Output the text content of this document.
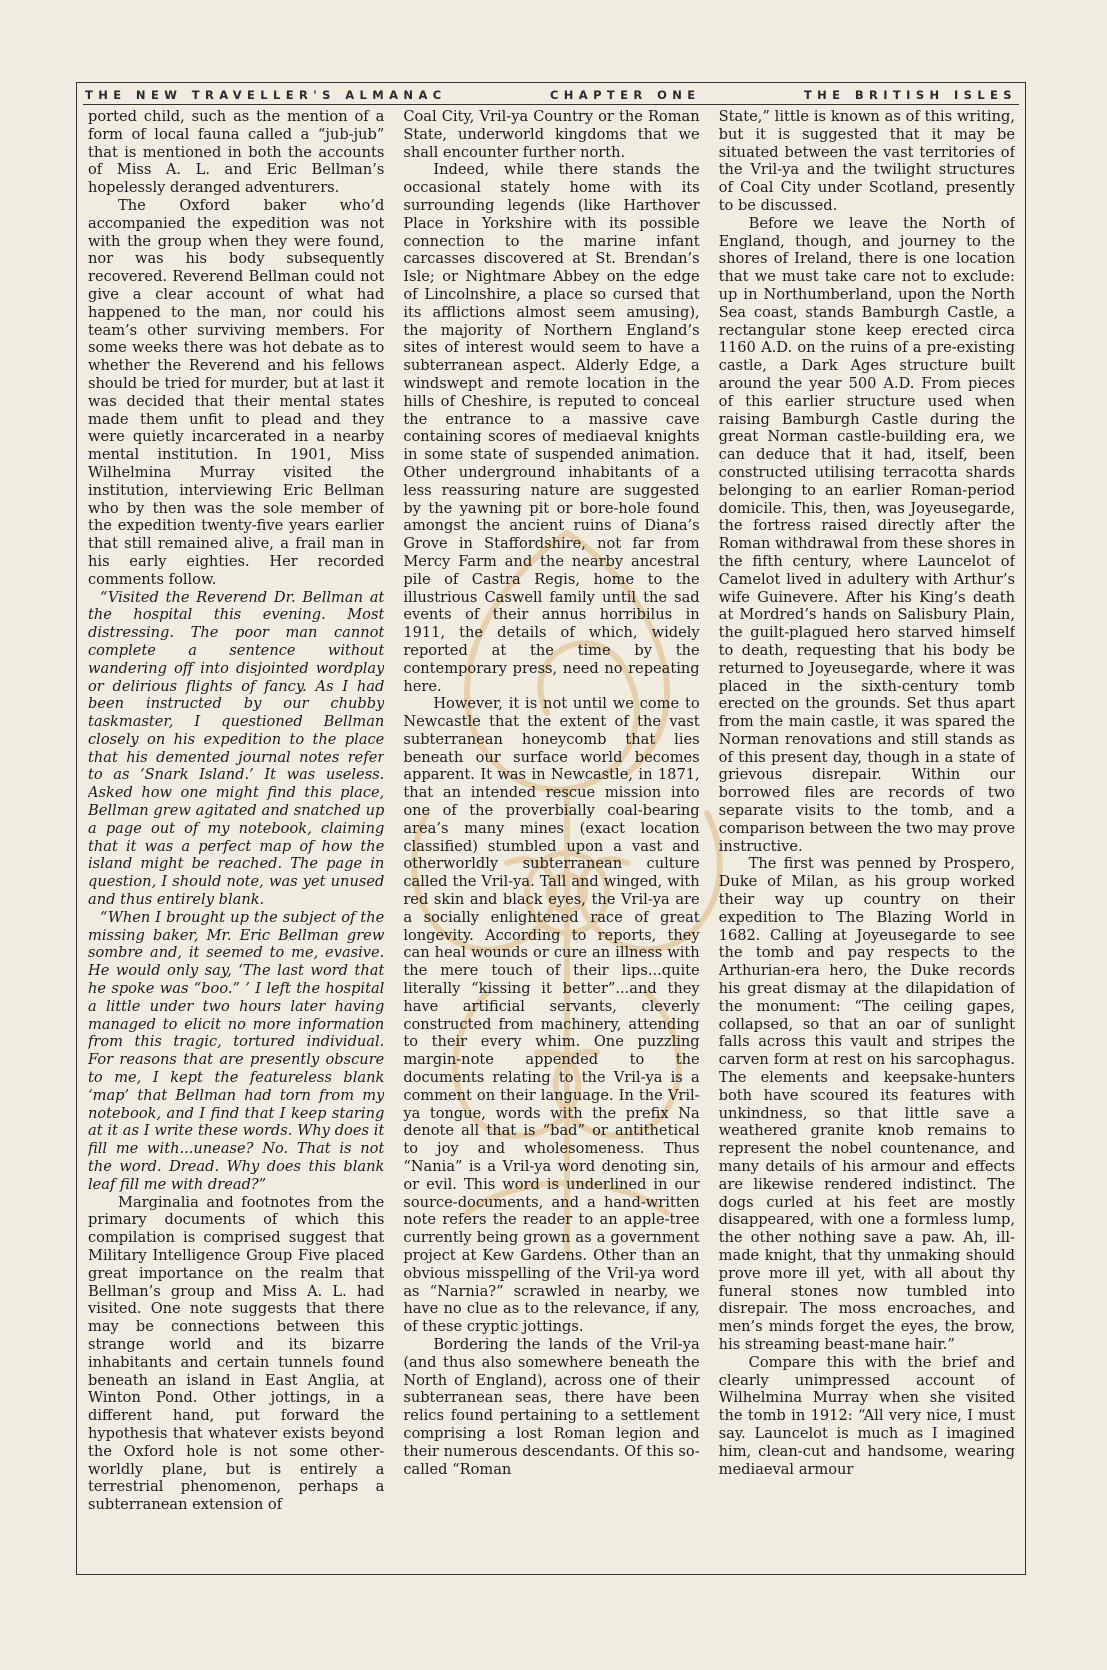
THE NEW TRAVELLER'S ALMANAC	CHAPTER ONE	THE BRITISH ISLES

ported child, such as the mention of a form of local fauna called a “jub-jub” that is mentioned in both the accounts of Miss A. L. and Eric Bellman’s hopelessly deranged adventurers.

The Oxford baker who’d accompanied the expedition was not with the group when they were found, nor was his body subsequently recovered. Reverend Bellman could not give a clear account of what had happened to the man, nor could his team’s other surviving members. For some weeks there was hot debate as to whether the Reverend and his fellows should be tried for murder, but at last it was decided that their mental states made them unfit to plead and they were quietly incarcerated in a nearby mental institution. In 1901, Miss Wilhelmina Murray visited the institution, interviewing Eric Bellman who by then was the sole member of the expedition twenty-five years earlier that still remained alive, a frail man in his early eighties. Her recorded comments follow.

“Visited the Reverend Dr. Bellman at the hospital this evening. Most distressing. The poor man cannot complete a sentence without wandering off into disjointed wordplay or delirious flights of fancy. As I had been instructed by our chubby taskmaster, I questioned Bellman closely on his expedition to the place that his demented journal notes refer to as ‘Snark Island.’ It was useless. Asked how one might find this place, Bellman grew agitated and snatched up a page out of my notebook, claiming that it was a perfect map of how the island might be reached. The page in question, I should note, was yet unused and thus entirely blank.

“When I brought up the subject of the missing baker, Mr. Eric Bellman grew sombre and, it seemed to me, evasive. He would only say, ‘The last word that he spoke was “boo.” ’ I left the hospital a little under two hours later having managed to elicit no more information from this tragic, tortured individual. For reasons that are presently obscure to me, I kept the featureless blank ‘map’ that Bellman had torn from my notebook, and I find that I keep staring at it as I write these words. Why does it fill me with...unease? No. That is not the word. Dread. Why does this blank leaf fill me with dread?”

Marginalia and footnotes from the primary documents of which this compilation is comprised suggest that Military Intelligence Group Five placed great importance on the realm that Bellman’s group and Miss A. L. had visited. One note suggests that there may be connections between this strange world and its bizarre inhabitants and certain tunnels found beneath an island in East Anglia, at Winton Pond. Other jottings, in a different hand, put forward the hypothesis that whatever exists beyond the Oxford hole is not some other-worldly plane, but is entirely a terrestrial phenomenon, perhaps a subterranean extension of

Coal City, Vril-ya Country or the Roman State, underworld kingdoms that we shall encounter further north.

Indeed, while there stands the occasional stately home with its surrounding legends (like Harthover Place in Yorkshire with its possible connection to the marine infant carcasses discovered at St. Brendan’s Isle; or Nightmare Abbey on the edge of Lincolnshire, a place so cursed that its afflictions almost seem amusing), the majority of Northern England’s sites of interest would seem to have a subterranean aspect. Alderly Edge, a windswept and remote location in the hills of Cheshire, is reputed to conceal the entrance to a massive cave containing scores of mediaeval knights in some state of suspended animation. Other underground inhabitants of a less reassuring nature are suggested by the yawning pit or bore-hole found amongst the ancient ruins of Diana’s Grove in Staffordshire, not far from Mercy Farm and the nearby ancestral pile of Castra Regis, home to the illustrious Caswell family until the sad events of their annus horribilus in 1911, the details of which, widely reported at the time by the contemporary press, need no repeating here.

However, it is not until we come to Newcastle that the extent of the vast subterranean honeycomb that lies beneath our surface world becomes apparent. It was in Newcastle, in 1871, that an intended rescue mission into one of the proverbially coal-bearing area’s many mines (exact location classified) stumbled upon a vast and otherworldly subterranean culture called the Vril-ya. Tall and winged, with red skin and black eyes, the Vril-ya are a socially enlightened race of great longevity. According to reports, they can heal wounds or cure an illness with the mere touch of their lips...quite literally “kissing it better”...and they have artificial servants, cleverly constructed from machinery, attending to their every whim. One puzzling margin-note appended to the documents relating to the Vril-ya is a comment on their language. In the Vril-ya tongue, words with the prefix Na denote all that is “bad” or antithetical to joy and wholesomeness. Thus “Nania” is a Vril-ya word denoting sin, or evil. This word is underlined in our source-documents, and a hand-written note refers the reader to an apple-tree currently being grown as a government project at Kew Gardens. Other than an obvious misspelling of the Vril-ya word as “Narnia?” scrawled in nearby, we have no clue as to the relevance, if any, of these cryptic jottings.

Bordering the lands of the Vril-ya (and thus also somewhere beneath the North of England), across one of their subterranean seas, there have been relics found pertaining to a settlement comprising a lost Roman legion and their numerous descendants. Of this so-called “Roman

State,” little is known as of this writing, but it is suggested that it may be situated between the vast territories of the Vril-ya and the twilight structures of Coal City under Scotland, presently to be discussed.

Before we leave the North of England, though, and journey to the shores of Ireland, there is one location that we must take care not to exclude: up in Northumberland, upon the North Sea coast, stands Bamburgh Castle, a rectangular stone keep erected circa 1160 A.D. on the ruins of a pre-existing castle, a Dark Ages structure built around the year 500 A.D. From pieces of this earlier structure used when raising Bamburgh Castle during the great Norman castle-building era, we can deduce that it had, itself, been constructed utilising terracotta shards belonging to an earlier Roman-period domicile. This, then, was Joyeusegarde, the fortress raised directly after the Roman withdrawal from these shores in the fifth century, where Launcelot of Camelot lived in adultery with Arthur’s wife Guinevere. After his King’s death at Mordred’s hands on Salisbury Plain, the guilt-plagued hero starved himself to death, requesting that his body be returned to Joyeusegarde, where it was placed in the sixth-century tomb erected on the grounds. Set thus apart from the main castle, it was spared the Norman renovations and still stands as of this present day, though in a state of grievous disrepair. Within our borrowed files are records of two separate visits to the tomb, and a comparison between the two may prove instructive.

The first was penned by Prospero, Duke of Milan, as his group worked their way up country on their expedition to The Blazing World in 1682. Calling at Joyeusegarde to see the tomb and pay respects to the Arthurian-era hero, the Duke records his great dismay at the dilapidation of the monument: “The ceiling gapes, collapsed, so that an oar of sunlight falls across this vault and stripes the carven form at rest on his sarcophagus. The elements and keepsake-hunters both have scoured its features with unkindness, so that little save a weathered granite knob remains to represent the nobel countenance, and many details of his armour and effects are likewise rendered indistinct. The dogs curled at his feet are mostly disappeared, with one a formless lump, the other nothing save a paw. Ah, ill-made knight, that thy unmaking should prove more ill yet, with all about thy funeral stones now tumbled into disrepair. The moss encroaches, and men’s minds forget the eyes, the brow, his streaming beast-mane hair.”

Compare this with the brief and clearly unimpressed account of Wilhelmina Murray when she visited the tomb in 1912: “All very nice, I must say. Launcelot is much as I imagined him, clean-cut and handsome, wearing mediaeval armour
